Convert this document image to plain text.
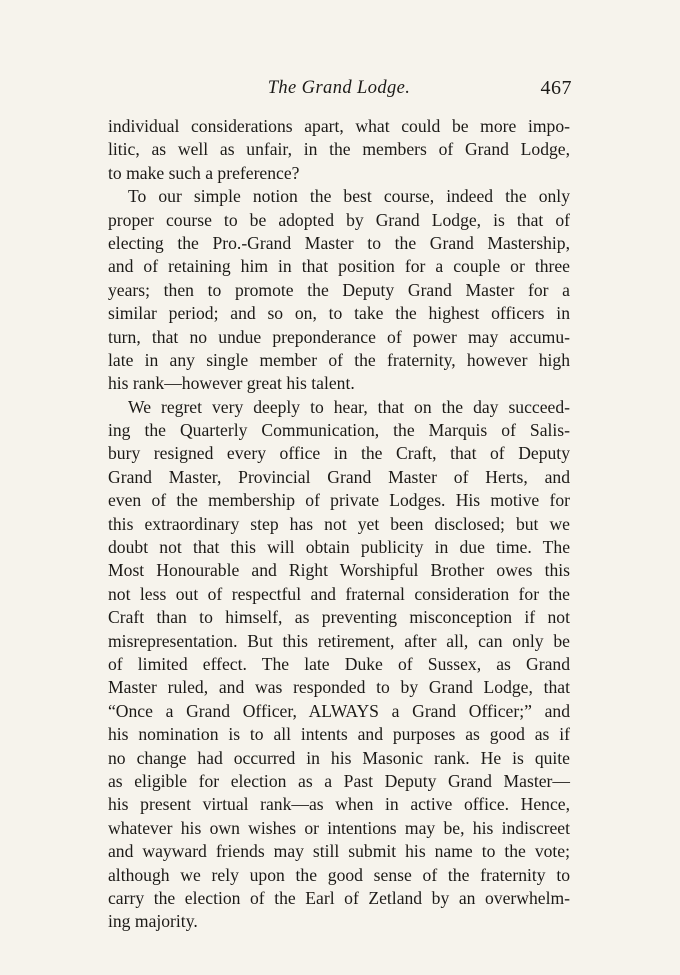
The Grand Lodge.	467
individual considerations apart, what could be more impo-
litic, as well as unfair, in the members of Grand Lodge,
to make such a preference?
To our simple notion the best course, indeed the only
proper course to be adopted by Grand Lodge, is that of
electing the Pro.-Grand Master to the Grand Mastership,
and of retaining him in that position for a couple or three
years; then to promote the Deputy Grand Master for a
similar period; and so on, to take the highest officers in
turn, that no undue preponderance of power may accumu-
late in any single member of the fraternity, however high
his rank—however great his talent.
We regret very deeply to hear, that on the day succeed-
ing the Quarterly Communication, the Marquis of Salis-
bury resigned every office in the Craft, that of Deputy
Grand Master, Provincial Grand Master of Herts, and
even of the membership of private Lodges. His motive for
this extraordinary step has not yet been disclosed; but we
doubt not that this will obtain publicity in due time. The
Most Honourable and Right Worshipful Brother owes this
not less out of respectful and fraternal consideration for the
Craft than to himself, as preventing misconception if not
misrepresentation. But this retirement, after all, can only be
of limited effect. The late Duke of Sussex, as Grand
Master ruled, and was responded to by Grand Lodge, that
“Once a Grand Officer, ALWAYS a Grand Officer;” and
his nomination is to all intents and purposes as good as if
no change had occurred in his Masonic rank. He is quite
as eligible for election as a Past Deputy Grand Master—
his present virtual rank—as when in active office. Hence,
whatever his own wishes or intentions may be, his indiscreet
and wayward friends may still submit his name to the vote;
although we rely upon the good sense of the fraternity to
carry the election of the Earl of Zetland by an overwhelm-
ing majority.
